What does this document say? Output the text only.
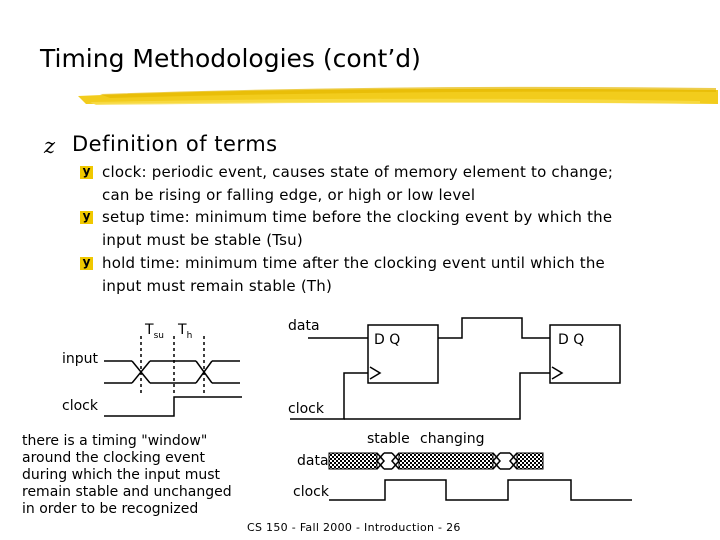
Timing Methodologies (cont’d)
z Definition of terms
y clock: periodic event, causes state of memory element to change;
can be rising or falling edge, or high or low level
y setup time: minimum time before the clocking event by which the
input must be stable (Tsu)
y hold time: minimum time after the clocking event until which the
input must remain stable (Th)
$T_{su}$ $T_h$
input
clock
data
clock
D Q	D Q
stable changing
data
clock
there is a timing "window"
around the clocking event
during which the input must
remain stable and unchanged
in order to be recognized
CS 150 - Fall 2000 - Introduction - 26
